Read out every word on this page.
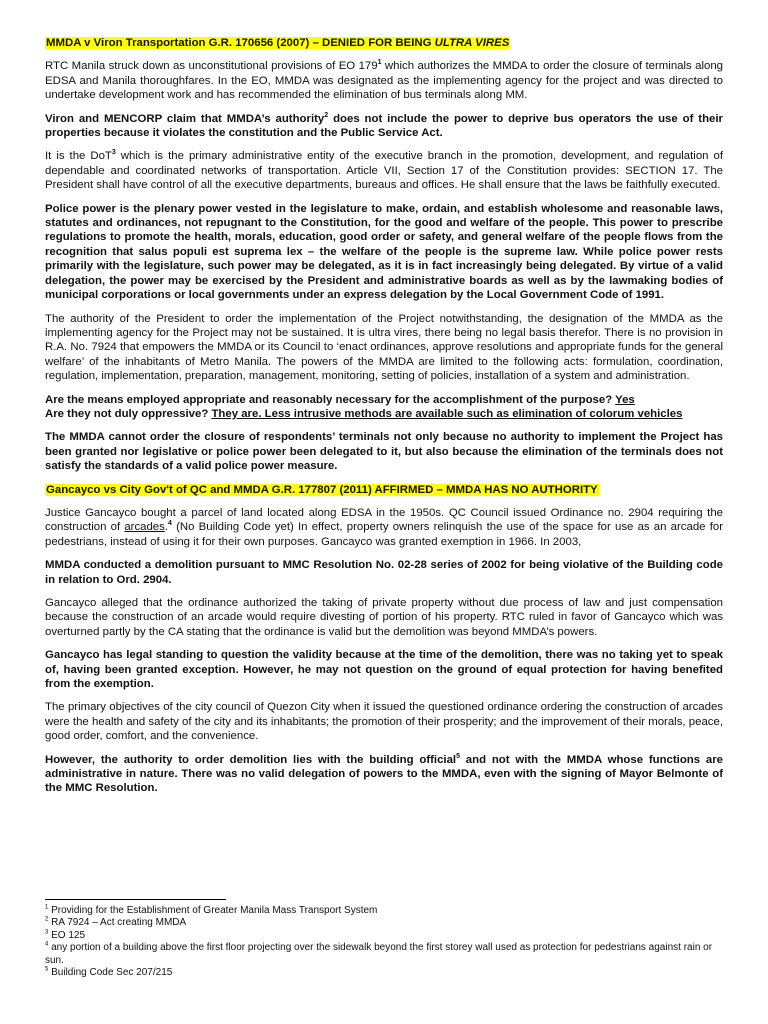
MMDA v Viron Transportation G.R. 170656 (2007) – DENIED FOR BEING ULTRA VIRES

RTC Manila struck down as unconstitutional provisions of EO $179^1$ which authorizes the MMDA to order the closure of terminals along EDSA and Manila thoroughfares. In the EO, MMDA was designated as the implementing agency for the project and was directed to undertake development work and has recommended the elimination of bus terminals along MM.

Viron and MENCORP claim that MMDA’s authority$^2$ does not include the power to deprive bus operators the use of their properties because it violates the constitution and the Public Service Act.

It is the DoT$^3$ which is the primary administrative entity of the executive branch in the promotion, development, and regulation of dependable and coordinated networks of transportation. Article VII, Section 17 of the Constitution provides: SECTION 17. The President shall have control of all the executive departments, bureaus and offices. He shall ensure that the laws be faithfully executed.

Police power is the plenary power vested in the legislature to make, ordain, and establish wholesome and reasonable laws, statutes and ordinances, not repugnant to the Constitution, for the good and welfare of the people. This power to prescribe regulations to promote the health, morals, education, good order or safety, and general welfare of the people flows from the recognition that salus populi est suprema lex – the welfare of the people is the supreme law. While police power rests primarily with the legislature, such power may be delegated, as it is in fact increasingly being delegated. By virtue of a valid delegation, the power may be exercised by the President and administrative boards as well as by the lawmaking bodies of municipal corporations or local governments under an express delegation by the Local Government Code of 1991.

The authority of the President to order the implementation of the Project notwithstanding, the designation of the MMDA as the implementing agency for the Project may not be sustained. It is ultra vires, there being no legal basis therefor. There is no provision in R.A. No. 7924 that empowers the MMDA or its Council to ‘enact ordinances, approve resolutions and appropriate funds for the general welfare’ of the inhabitants of Metro Manila. The powers of the MMDA are limited to the following acts: formulation, coordination, regulation, implementation, preparation, management, monitoring, setting of policies, installation of a system and administration.

Are the means employed appropriate and reasonably necessary for the accomplishment of the purpose? Yes
Are they not duly oppressive? They are. Less intrusive methods are available such as elimination of colorum vehicles

The MMDA cannot order the closure of respondents’ terminals not only because no authority to implement the Project has been granted nor legislative or police power been delegated to it, but also because the elimination of the terminals does not satisfy the standards of a valid police power measure.

Gancayco vs City Gov't of QC and MMDA G.R. 177807 (2011) AFFIRMED – MMDA HAS NO AUTHORITY

Justice Gancayco bought a parcel of land located along EDSA in the 1950s. QC Council issued Ordinance no. 2904 requiring the construction of arcades.$^4$ (No Building Code yet) In effect, property owners relinquish the use of the space for use as an arcade for pedestrians, instead of using it for their own purposes. Gancayco was granted exemption in 1966. In 2003,

MMDA conducted a demolition pursuant to MMC Resolution No. 02-28 series of 2002 for being violative of the Building code in relation to Ord. 2904.

Gancayco alleged that the ordinance authorized the taking of private property without due process of law and just compensation because the construction of an arcade would require divesting of portion of his property. RTC ruled in favor of Gancayco which was overturned partly by the CA stating that the ordinance is valid but the demolition was beyond MMDA’s powers.

Gancayco has legal standing to question the validity because at the time of the demolition, there was no taking yet to speak of, having been granted exception. However, he may not question on the ground of equal protection for having benefited from the exemption.

The primary objectives of the city council of Quezon City when it issued the questioned ordinance ordering the construction of arcades were the health and safety of the city and its inhabitants; the promotion of their prosperity; and the improvement of their morals, peace, good order, comfort, and the convenience.

However, the authority to order demolition lies with the building official$^5$ and not with the MMDA whose functions are administrative in nature. There was no valid delegation of powers to the MMDA, even with the signing of Mayor Belmonte of the MMC Resolution.

$^1$ Providing for the Establishment of Greater Manila Mass Transport System
$^2$ RA 7924 – Act creating MMDA
$^3$ EO 125
$^4$ any portion of a building above the first floor projecting over the sidewalk beyond the first storey wall used as protection for pedestrians against rain or sun.
$^5$ Building Code Sec 207/215
